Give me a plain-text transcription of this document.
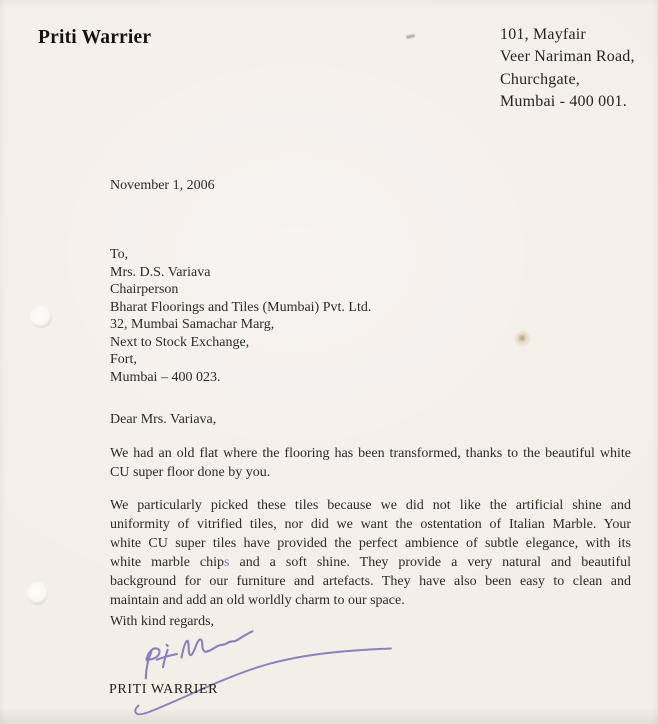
Priti Warrier	101, Mayfair
Veer Nariman Road,
Churchgate,
Mumbai - 400 001.
November 1, 2006
To,
Mrs. D.S. Variava
Chairperson
Bharat Floorings and Tiles (Mumbai) Pvt. Ltd.
32, Mumbai Samachar Marg,
Next to Stock Exchange,
Fort,
Mumbai – 400 023.
Dear Mrs. Variava,
We had an old flat where the flooring has been transformed, thanks to the beautiful white
CU super floor done by you.
We particularly picked these tiles because we did not like the artificial shine and
uniformity of vitrified tiles, nor did we want the ostentation of Italian Marble. Your
white CU super tiles have provided the perfect ambience of subtle elegance, with its
white marble chips and a soft shine. They provide a very natural and beautiful
background for our furniture and artefacts. They have also been easy to clean and
maintain and add an old worldly charm to our space.
With kind regards,
PRITI WARRIER
